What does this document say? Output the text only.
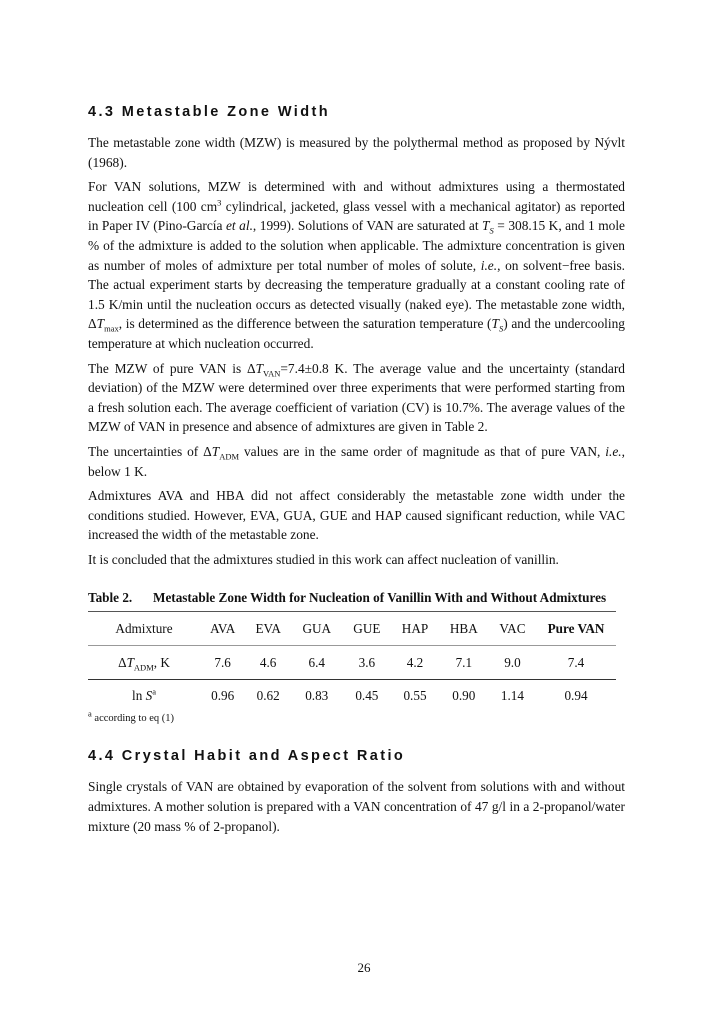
4.3 Metastable Zone Width

The metastable zone width (MZW) is measured by the polythermal method as proposed by Nývlt (1968).

For VAN solutions, MZW is determined with and without admixtures using a thermostated nucleation cell (100 $cm^3$ cylindrical, jacketed, glass vessel with a mechanical agitator) as reported in Paper IV (Pino-García et al., 1999). Solutions of VAN are saturated at $T_S = 308.15$ K, and 1 mole % of the admixture is added to the solution when applicable. The admixture concentration is given as number of moles of admixture per total number of moles of solute, i.e., on solvent−free basis. The actual experiment starts by decreasing the temperature gradually at a constant cooling rate of 1.5 K/min until the nucleation occurs as detected visually (naked eye). The metastable zone width, $\Delta T_{max}$, is determined as the difference between the saturation temperature $(T_S)$ and the undercooling temperature at which nucleation occurred.

The MZW of pure VAN is $\Delta T_{VAN}=7.4\pm 0.8$ K. The average value and the uncertainty (standard deviation) of the MZW were determined over three experiments that were performed starting from a fresh solution each. The average coefficient of variation (CV) is 10.7%. The average values of the MZW of VAN in presence and absence of admixtures are given in Table 2.

The uncertainties of $\Delta T_{ADM}$ values are in the same order of magnitude as that of pure VAN, i.e., below 1 K.

Admixtures AVA and HBA did not affect considerably the metastable zone width under the conditions studied. However, EVA, GUA, GUE and HAP caused significant reduction, while VAC increased the width of the metastable zone.

It is concluded that the admixtures studied in this work can affect nucleation of vanillin.

Table 2.	Metastable Zone Width for Nucleation of Vanillin With and Without Admixtures
Admixture	AVA	EVA	GUA	GUE	HAP	HBA	VAC	Pure VAN
$\Delta T_{ADM}$, K	7.6	4.6	6.4	3.6	4.2	7.1	9.0	7.4
$\ln S^a$	0.96	0.62	0.83	0.45	0.55	0.90	1.14	0.94
$^a$ according to eq (1)
4.4 Crystal Habit and Aspect Ratio

Single crystals of VAN are obtained by evaporation of the solvent from solutions with and without admixtures. A mother solution is prepared with a VAN concentration of 47 g/l in a 2-propanol/water mixture (20 mass % of 2-propanol).

26
